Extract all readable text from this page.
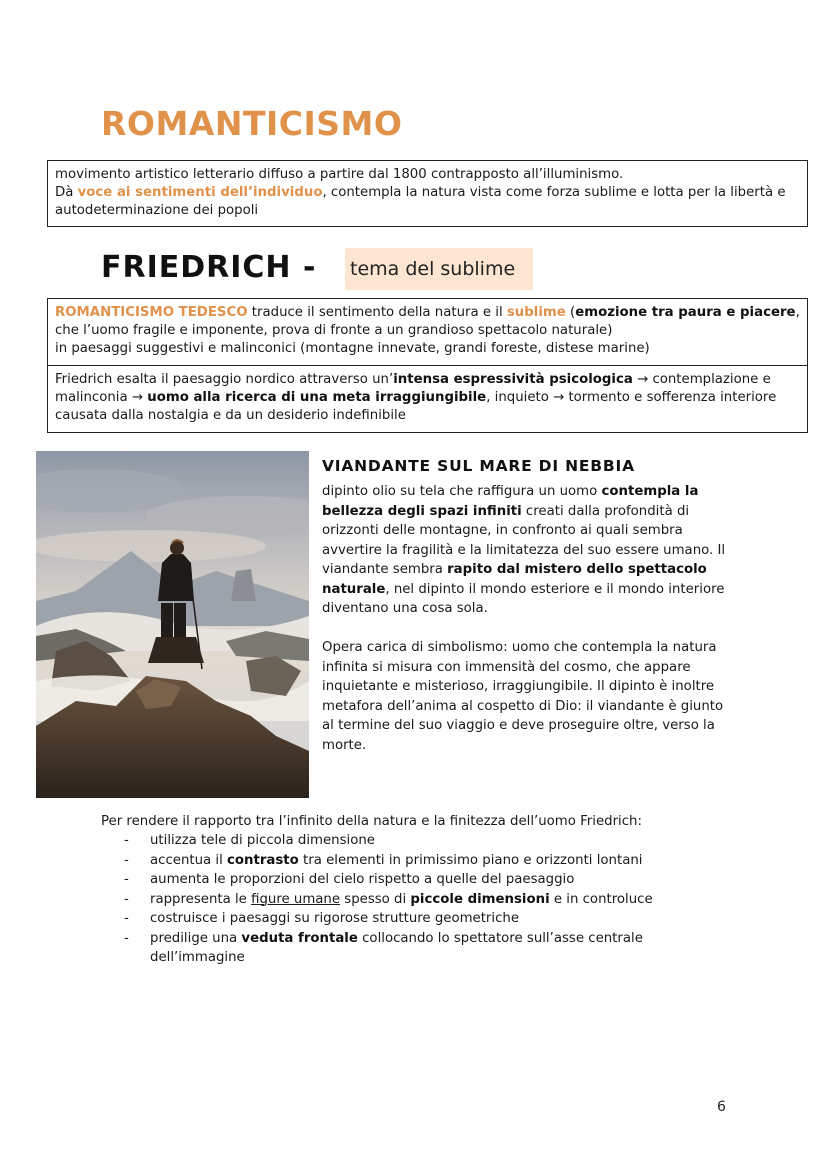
ROMANTICISMO
movimento artistico letterario diffuso a partire dal 1800 contrapposto all’illuminismo.
Dà voce ai sentimenti dell’individuo, contempla la natura vista come forza sublime e lotta per la libertà e autodeterminazione dei popoli
FRIEDRICH - tema del sublime
ROMANTICISMO TEDESCO traduce il sentimento della natura e il sublime (emozione tra paura e piacere, che l’uomo fragile e imponente, prova di fronte a un grandioso spettacolo naturale)
in paesaggi suggestivi e malinconici (montagne innevate, grandi foreste, distese marine)
Friedrich esalta il paesaggio nordico attraverso un’intensa espressività psicologica → contemplazione e malinconia → uomo alla ricerca di una meta irraggiungibile, inquieto → tormento e sofferenza interiore causata dalla nostalgia e da un desiderio indefinibile
VIANDANTE SUL MARE DI NEBBIA

dipinto olio su tela che raffigura un uomo contempla la bellezza degli spazi infiniti creati dalla profondità di orizzonti delle montagne, in confronto ai quali sembra avvertire la fragilità e la limitatezza del suo essere umano. Il viandante sembra rapito dal mistero dello spettacolo naturale, nel dipinto il mondo esteriore e il mondo interiore diventano una cosa sola.

Opera carica di simbolismo: uomo che contempla la natura infinita si misura con immensità del cosmo, che appare inquietante e misterioso, irraggiungibile. Il dipinto è inoltre metafora dell’anima al cospetto di Dio: il viandante è giunto al termine del suo viaggio e deve proseguire oltre, verso la morte.

Per rendere il rapporto tra l’infinito della natura e la finitezza dell’uomo Friedrich:
- utilizza tele di piccola dimensione
- accentua il contrasto tra elementi in primissimo piano e orizzonti lontani
- aumenta le proporzioni del cielo rispetto a quelle del paesaggio
- rappresenta le figure umane spesso di piccole dimensioni e in controluce
- costruisce i paesaggi su rigorose strutture geometriche
- predilige una veduta frontale collocando lo spettatore sull’asse centrale dell’immagine
6
